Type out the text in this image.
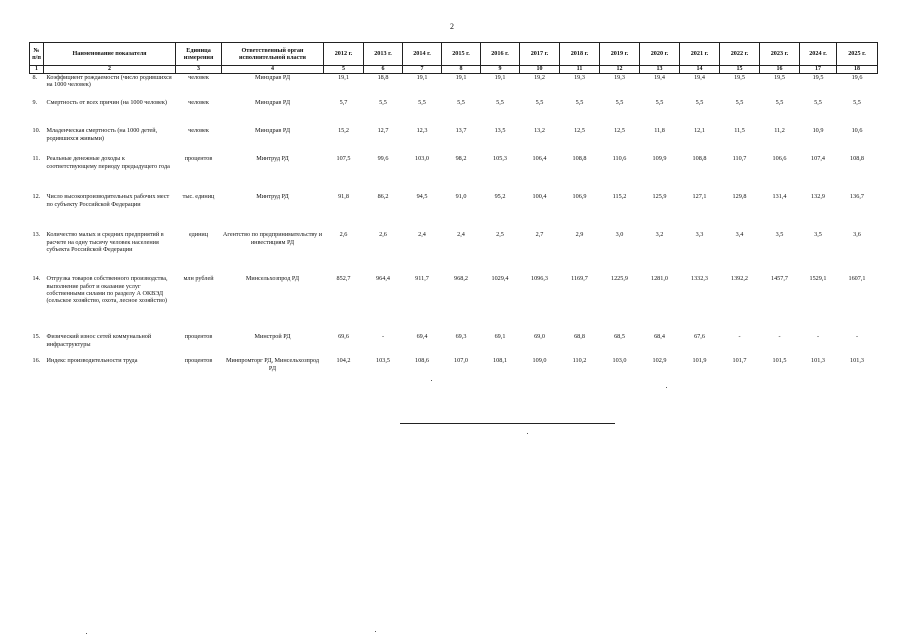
2
№ п/п	Наименование показателя	Единица измерения	Ответственный орган исполнительной власти	2012 г.	2013 г.	2014 г.	2015 г.	2016 г.	2017 г.	2018 г.	2019 г.	2020 г.	2021 г.	2022 г.	2023 г.	2024 г.	2025 г.
1	2	3	4	5	6	7	8	9	10	11	12	13	14	15	16	17	18
8.	Коэффициент рождаемости (число родившихся на 1000 человек)	человек	Минздрав РД	19,1	18,8	19,1	19,1	19,1	19,2	19,3	19,3	19,4	19,4	19,5	19,5	19,5	19,6
9.	Смертность от всех причин (на 1000 человек)	человек	Минздрав РД	5,7	5,5	5,5	5,5	5,5	5,5	5,5	5,5	5,5	5,5	5,5	5,5	5,5	5,5
10.	Младенческая смертность (на 1000 детей, родившихся живыми)	человек	Минздрав РД	15,2	12,7	12,3	13,7	13,5	13,2	12,5	12,5	11,8	12,1	11,5	11,2	10,9	10,6
11.	Реальные денежные доходы к соответствующему периоду предыдущего года	процентов	Минтруд РД	107,5	99,6	103,0	98,2	105,3	106,4	108,8	110,6	109,9	108,8	110,7	106,6	107,4	108,8
12.	Число высокопроизводительных рабочих мест по субъекту Российской Федерации	тыс. единиц	Минтруд РД	91,8	86,2	94,5	91,0	95,2	100,4	106,9	115,2	125,9	127,1	129,8	131,4	132,9	136,7
13.	Количество малых и средних предприятий в расчете на одну тысячу человек населения субъекта Российской Федерации	единиц	Агентство по предпринимательству и инвестициям РД	2,6	2,6	2,4	2,4	2,5	2,7	2,9	3,0	3,2	3,3	3,4	3,5	3,5	3,6
14.	Отгрузка товаров собственного производства, выполнение работ и оказание услуг собственными силами по разделу А ОКВЭД (сельское хозяйство, охота, лесное хозяйство)	млн рублей	Минсельхозпрод РД	852,7	964,4	911,7	968,2	1029,4	1096,3	1169,7	1225,9	1281,0	1332,3	1392,2	1457,7	1529,1	1607,1
15.	Физический износ сетей коммунальной инфраструктуры	процентов	Минстрой РД	69,6	-	69,4	69,3	69,1	69,0	68,8	68,5	68,4	67,6	-	-	-	-
16.	Индекс производительности труда	процентов	Минпромторг РД, Минсельхозпрод РД	104,2	103,5	108,6	107,0	108,1	109,0	110,2	103,0	102,9	101,9	101,7	101,5	101,3	101,3
